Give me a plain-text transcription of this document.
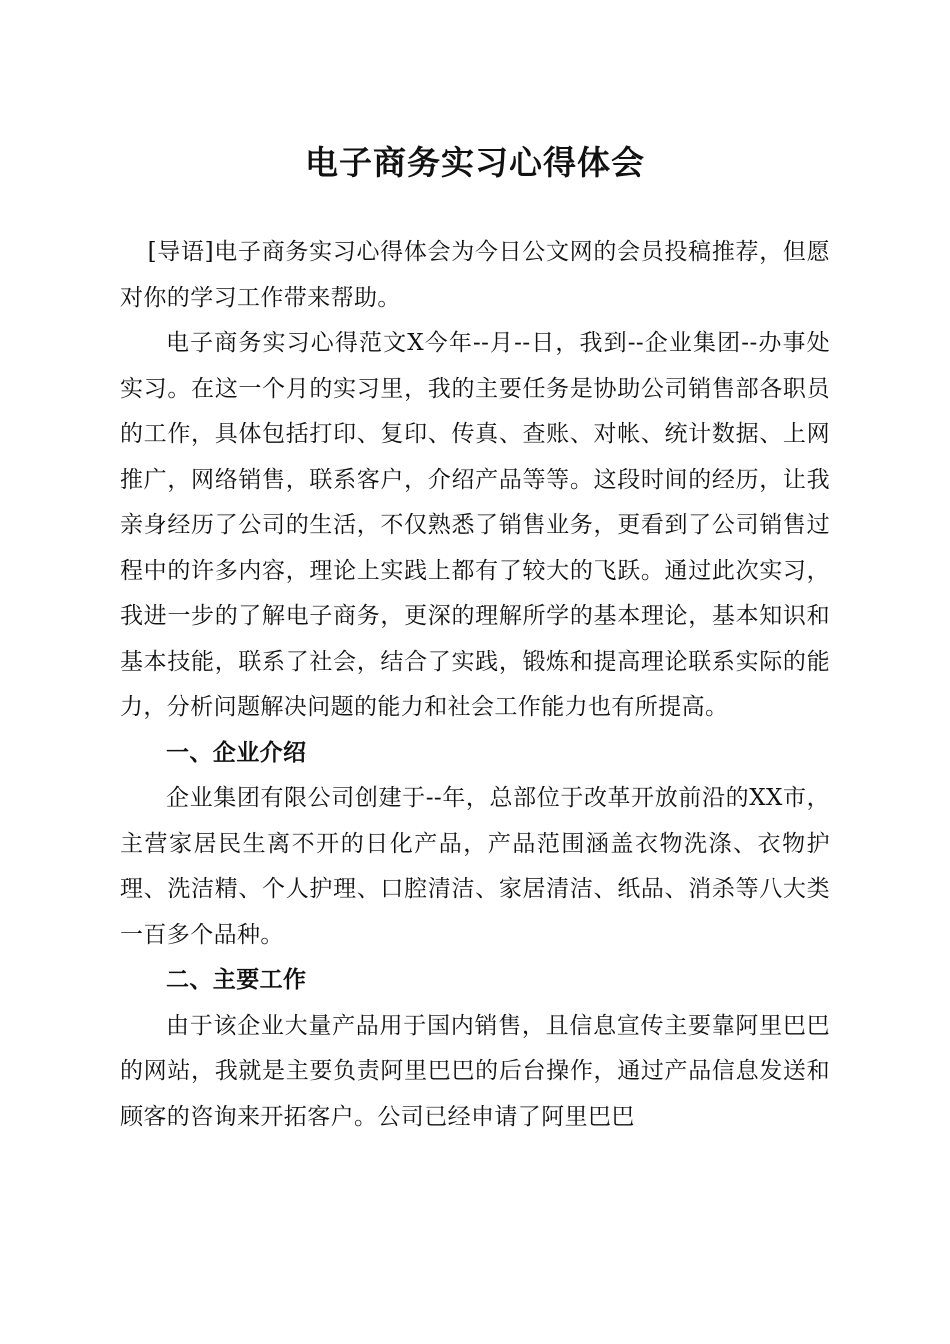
电子商务实习心得体会

[导语]电子商务实习心得体会为今日公文网的会员投稿推荐，但愿对你的学习工作带来帮助。

电子商务实习心得范文X今年--月--日，我到--企业集团--办事处实习。在这一个月的实习里，我的主要任务是协助公司销售部各职员的工作，具体包括打印、复印、传真、查账、对帐、统计数据、上网推广，网络销售，联系客户，介绍产品等等。这段时间的经历，让我亲身经历了公司的生活，不仅熟悉了销售业务，更看到了公司销售过程中的许多内容，理论上实践上都有了较大的飞跃。通过此次实习，我进一步的了解电子商务，更深的理解所学的基本理论，基本知识和基本技能，联系了社会，结合了实践，锻炼和提高理论联系实际的能力，分析问题解决问题的能力和社会工作能力也有所提高。

一、企业介绍

企业集团有限公司创建于--年，总部位于改革开放前沿的XX市，主营家居民生离不开的日化产品，产品范围涵盖衣物洗涤、衣物护理、洗洁精、个人护理、口腔清洁、家居清洁、纸品、消杀等八大类一百多个品种。

二、主要工作

由于该企业大量产品用于国内销售，且信息宣传主要靠阿里巴巴的网站，我就是主要负责阿里巴巴的后台操作，通过产品信息发送和顾客的咨询来开拓客户。公司已经申请了阿里巴巴
